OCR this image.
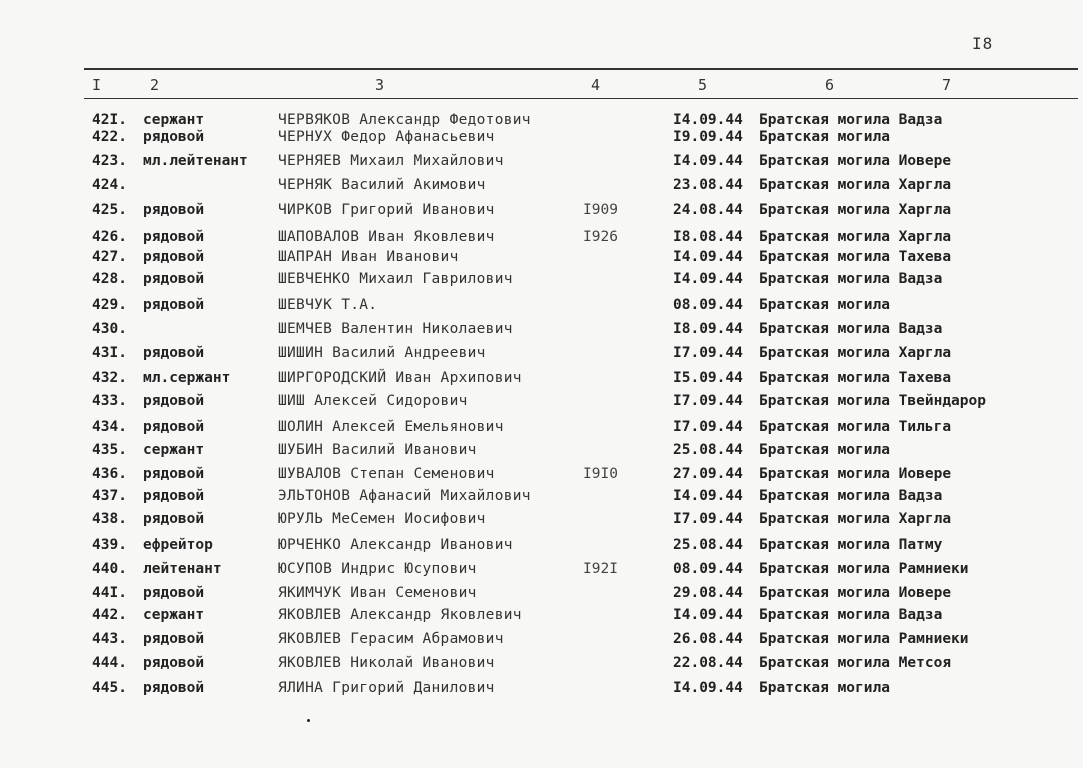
I8
I	2	3	4	5	6	7
42I. сержант	ЧЕРВЯКОВ Александр Федотович	I4.09.44 Братская могила Вадза
422. рядовой	ЧЕРНУХ Федор Афанасьевич	I9.09.44 Братская могила
423. мл.лейтенант ЧЕРНЯЕВ Михаил Михайлович	I4.09.44 Братская могила Иовере
424.	ЧЕРНЯК Василий Акимович	23.08.44 Братская могила Харгла
425. рядовой	ЧИРКОВ Григорий Иванович	I909	24.08.44 Братская могила Харгла
426. рядовой	ШАПОВАЛОВ Иван Яковлевич	I926	I8.08.44 Братская могила Харгла
427. рядовой	ШАПРАН Иван Иванович	I4.09.44 Братская могила Тахева
428. рядовой	ШЕВЧЕНКО Михаил Гаврилович	I4.09.44 Братская могила Вадза
429. рядовой	ШЕВЧУК Т.А.	08.09.44 Братская могила
430.	ШЕМЧЕВ Валентин Николаевич	I8.09.44 Братская могила Вадза
43I. рядовой	ШИШИН Василий Андреевич	I7.09.44 Братская могила Харгла
432. мл.сержант	ШИРГОРОДСКИЙ Иван Архипович	I5.09.44 Братская могила Тахева
433. рядовой	ШИШ Алексей Сидорович	I7.09.44 Братская могила Твейндарор
434. рядовой	ШОЛИН Алексей Емельянович	I7.09.44 Братская могила Тильга
435. сержант	ШУБИН Василий Иванович	25.08.44 Братская могила
436. рядовой	ШУВАЛОВ Степан Семенович	I9I0	27.09.44 Братская могила Иовере
437. рядовой	ЭЛЬТОНОВ Афанасий Михайлович	I4.09.44 Братская могила Вадза
438. рядовой	ЮРУЛЬ МеСемен Иосифович	I7.09.44 Братская могила Харгла
439. ефрейтор	ЮРЧЕНКО Александр Иванович	25.08.44 Братская могила Патму
440. лейтенант	ЮСУПОВ Индрис Юсупович	I92I	08.09.44 Братская могила Рамниеки
44I. рядовой	ЯКИМЧУК Иван Семенович	29.08.44 Братская могила Иовере
442. сержант	ЯКОВЛЕВ Александр Яковлевич	I4.09.44 Братская могила Вадза
443. рядовой	ЯКОВЛЕВ Герасим Абрамович	26.08.44 Братская могила Рамниеки
444. рядовой	ЯКОВЛЕВ Николай Иванович	22.08.44 Братская могила Метсоя
445. рядовой	ЯЛИНА Григорий Данилович	I4.09.44 Братская могила
